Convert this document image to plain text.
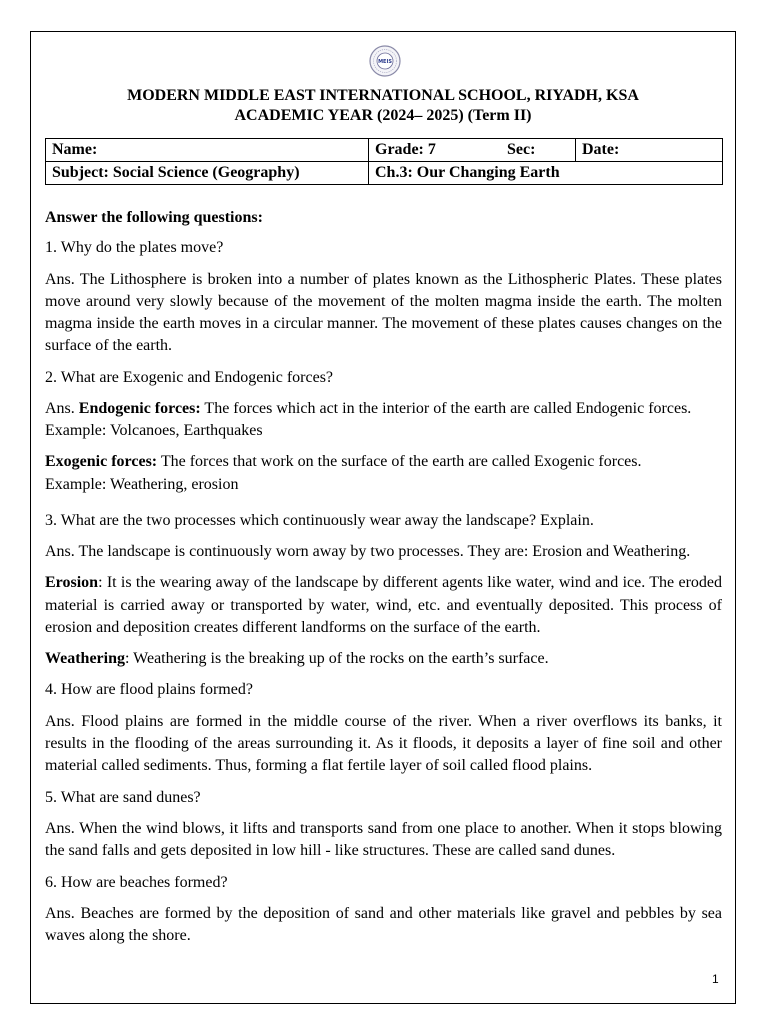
MEIS
MODERN MIDDLE EAST INTERNATIONAL SCHOOL, RIYADH, KSA
ACADEMIC YEAR (2024– 2025) (Term II)
Name:	Grade: 7	Sec:	Date:
Subject: Social Science (Geography)	Ch.3: Our Changing Earth		

Answer the following questions:

1. Why do the plates move?

Ans. The Lithosphere is broken into a number of plates known as the Lithospheric Plates. These plates move around very slowly because of the movement of the molten magma inside the earth. The molten magma inside the earth moves in a circular manner. The movement of these plates causes changes on the surface of the earth.

2. What are Exogenic and Endogenic forces?

Ans. Endogenic forces: The forces which act in the interior of the earth are called Endogenic forces.

Example: Volcanoes, Earthquakes

Exogenic forces: The forces that work on the surface of the earth are called Exogenic forces.

Example: Weathering, erosion

3. What are the two processes which continuously wear away the landscape? Explain.

Ans. The landscape is continuously worn away by two processes. They are: Erosion and Weathering.

Erosion: It is the wearing away of the landscape by different agents like water, wind and ice. The eroded material is carried away or transported by water, wind, etc. and eventually deposited. This process of erosion and deposition creates different landforms on the surface of the earth.

Weathering: Weathering is the breaking up of the rocks on the earth’s surface.

4. How are flood plains formed?

Ans. Flood plains are formed in the middle course of the river. When a river overflows its banks, it results in the flooding of the areas surrounding it. As it floods, it deposits a layer of fine soil and other material called sediments. Thus, forming a flat fertile layer of soil called flood plains.

5. What are sand dunes?

Ans. When the wind blows, it lifts and transports sand from one place to another. When it stops blowing the sand falls and gets deposited in low hill - like structures. These are called sand dunes.

6. How are beaches formed?

Ans. Beaches are formed by the deposition of sand and other materials like gravel and pebbles by sea waves along the shore.

1
